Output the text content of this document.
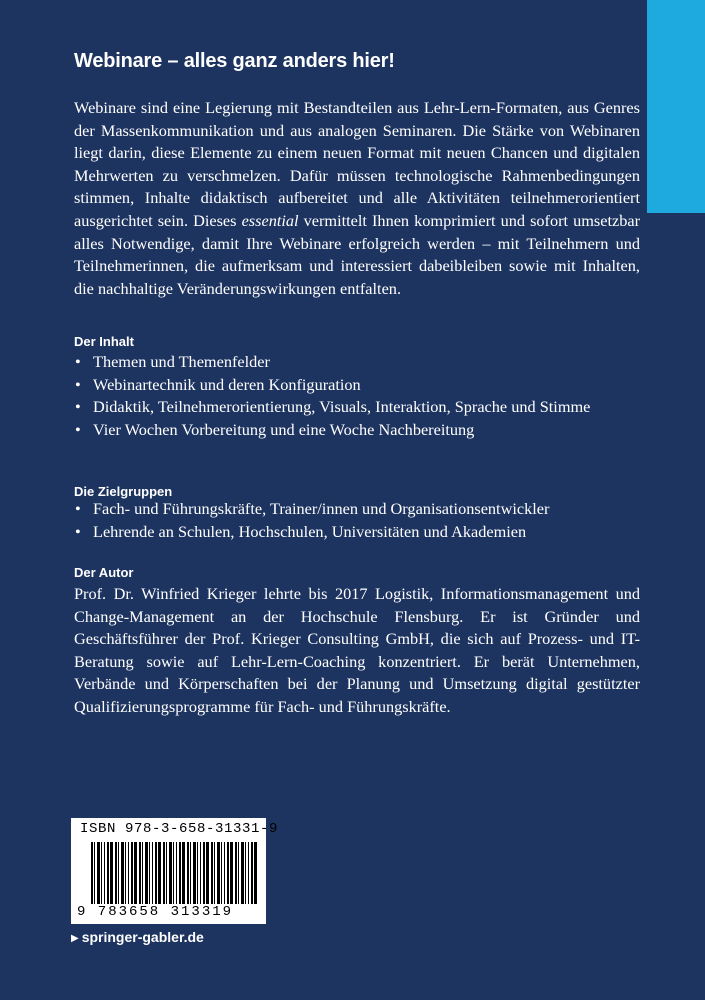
Webinare – alles ganz anders hier!

Webinare sind eine Legierung mit Bestandteilen aus Lehr-Lern-Formaten, aus Genres der Massenkommunikation und aus analogen Seminaren. Die Stärke von Webinaren liegt darin, diese Elemente zu einem neuen Format mit neuen Chancen und digitalen Mehrwerten zu verschmelzen. Dafür müssen technologische Rahmenbedingungen stimmen, Inhalte didaktisch aufbereitet und alle Aktivitäten teilnehmerorientiert ausgerichtet sein. Dieses essential vermittelt Ihnen komprimiert und sofort umsetzbar alles Notwendige, damit Ihre Webinare erfolgreich werden – mit Teilnehmern und Teilnehmerinnen, die aufmerksam und interessiert dabeibleiben sowie mit Inhalten, die nachhaltige Veränderungswirkungen entfalten.

Der Inhalt
• Themen und Themenfelder
• Webinartechnik und deren Konfiguration
• Didaktik, Teilnehmerorientierung, Visuals, Interaktion, Sprache und Stimme
• Vier Wochen Vorbereitung und eine Woche Nachbereitung
Die Zielgruppen
• Fach- und Führungskräfte, Trainer/innen und Organisationsentwickler
• Lehrende an Schulen, Hochschulen, Universitäten und Akademien
Der Autor

Prof. Dr. Winfried Krieger lehrte bis 2017 Logistik, Informationsmanagement und Change-Management an der Hochschule Flensburg. Er ist Gründer und Geschäftsführer der Prof. Krieger Consulting GmbH, die sich auf Prozess- und IT-Beratung sowie auf Lehr-Lern-Coaching konzentriert. Er berät Unternehmen, Verbände und Körperschaften bei der Planung und Umsetzung digital gestützter Qualifizierungsprogramme für Fach- und Führungskräfte.

ISBN 978-3-658-31331-9
9 783658 313319
▶ springer-gabler.de
